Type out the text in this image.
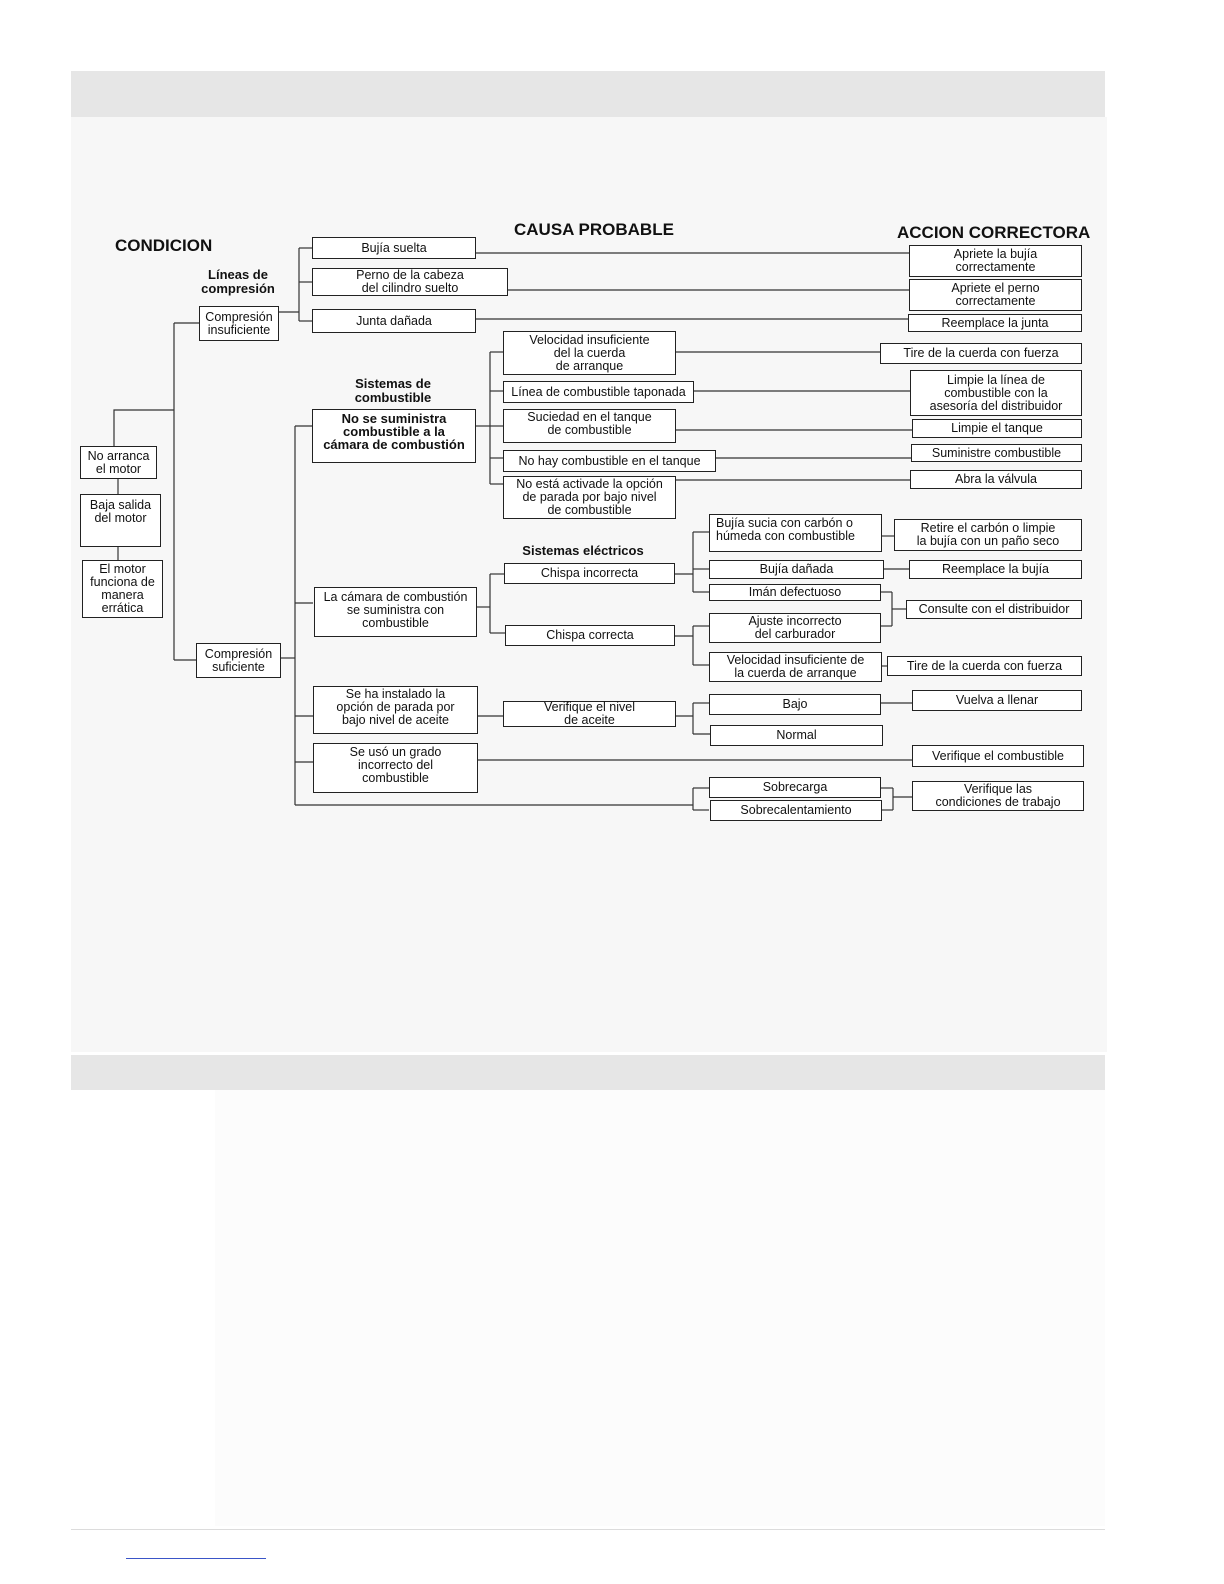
CONDICION
CAUSA PROBABLE	ACCION CORRECTORA
Líneas de
compresión
Sistemas de
combustible
Sistemas eléctricos
No arranca
el motor
Baja salida
del motor
El motor
funciona de
manera
errática
Compresión
insuficiente
Compresión
suficiente
Bujía suelta
Perno de la cabeza
del cilindro suelto
Junta dañada
No se suministra
combustible a la
cámara de combustión
Velocidad insuficiente
del la cuerda
de arranque
Línea de combustible taponada
Suciedad en el tanque
de combustible
No hay combustible en el tanque
No está activade la opción
de parada por bajo nivel
de combustible
La cámara de combustión
se suministra con
combustible
Chispa incorrecta
Chispa correcta
Bujía sucia con carbón o
húmeda con combustible
Bujía dañada
Imán defectuoso
Ajuste incorrecto
del carburador
Velocidad insuficiente de
la cuerda de arranque
Se ha instalado la
opción de parada por
bajo nivel de aceite
Verifique el nivel
de aceite
Bajo
Normal
Se usó un grado
incorrecto del
combustible
Sobrecarga
Sobrecalentamiento
Apriete la bujía
correctamente
Apriete el perno
correctamente
Reemplace la junta
Tire de la cuerda con fuerza
Limpie la línea de
combustible con la
asesoría del distribuidor
Limpie el tanque
Suministre combustible
Abra la válvula
Retire el carbón o limpie
la bujía con un paño seco
Reemplace la bujía
Consulte con el distribuidor
Tire de la cuerda con fuerza
Vuelva a llenar
Verifique el combustible
Verifique las
condiciones de trabajo
